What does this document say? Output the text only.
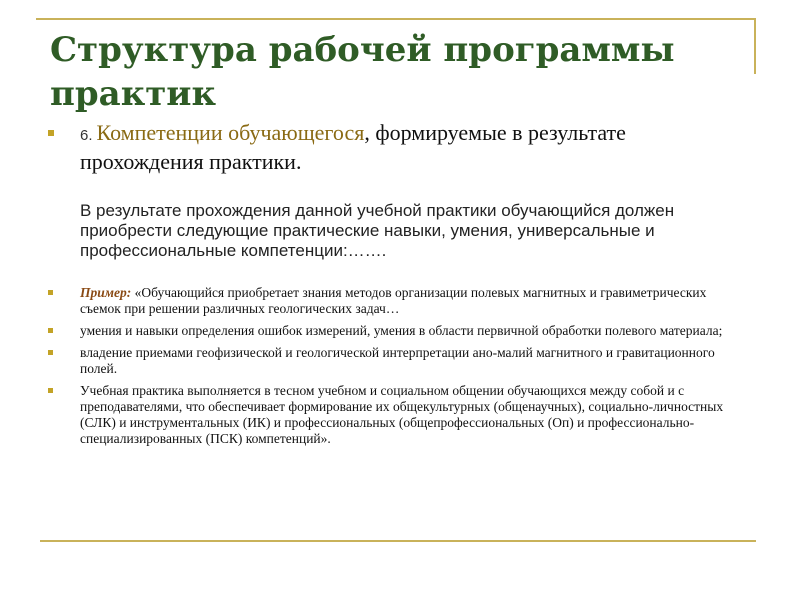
Структура рабочей программы
практик
6. Компетенции обучающегося, формируемые в результате прохождения практики.
В результате прохождения данной учебной практики обучающийся должен приобрести следующие практические навыки, умения, универсальные и профессиональные компетенции:…….
Пример: «Обучающийся приобретает знания методов организации полевых магнитных и гравиметрических съемок при решении различных геологических задач…
умения и навыки определения ошибок измерений, умения в области первичной обработки полевого материала;
владение приемами геофизической и геологической интерпретации ано-малий магнитного и гравитационного полей.
Учебная практика выполняется в тесном учебном и социальном общении обучающихся между собой и с преподавателями, что обеспечивает формирование их общекультурных (общенаучных), социально-личностных (СЛК) и инструментальных (ИК) и профессиональных (общепрофессиональных (Оп) и профессионально-специализированных (ПСК) компетенций».
